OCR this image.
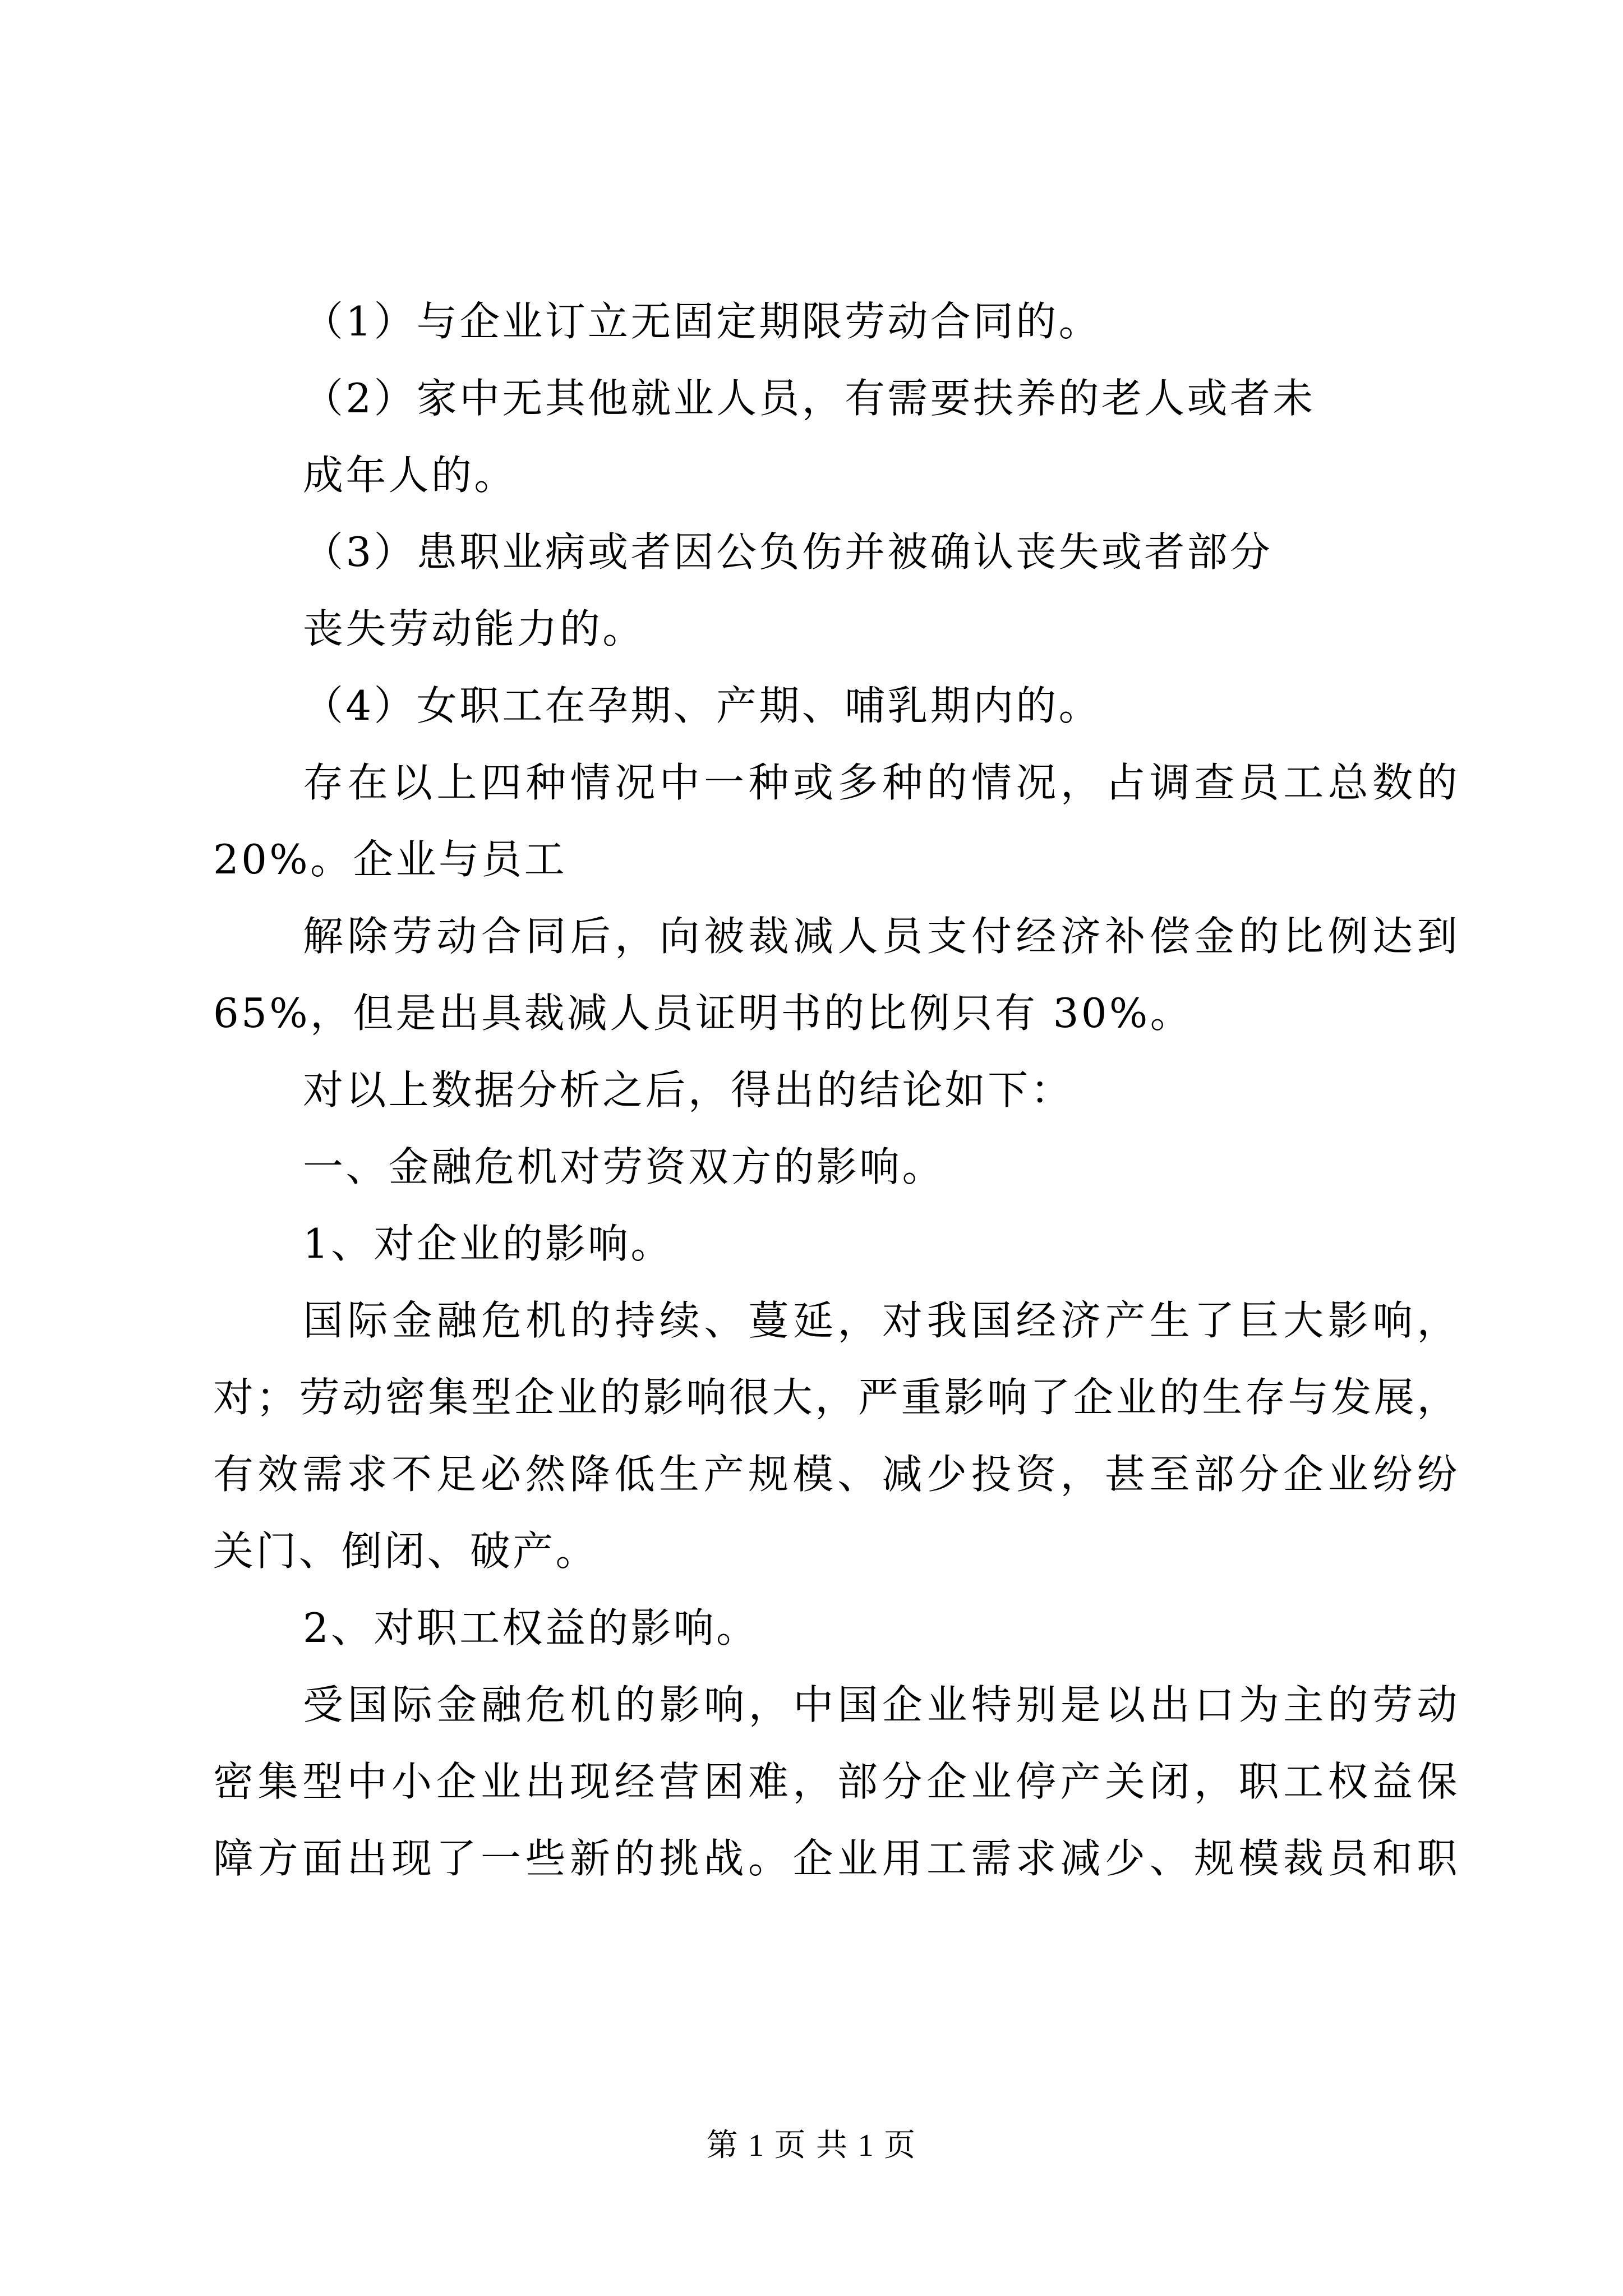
（1）与企业订立无固定期限劳动合同的。
（2）家中无其他就业人员，有需要扶养的老人或者未
成年人的。
（3）患职业病或者因公负伤并被确认丧失或者部分
丧失劳动能力的。
（4）女职工在孕期、产期、哺乳期内的。
存在以上四种情况中一种或多种的情况，占调查员工总数的
20%。企业与员工
解除劳动合同后，向被裁减人员支付经济补偿金的比例达到
65%，但是出具裁减人员证明书的比例只有 30%。
对以上数据分析之后，得出的结论如下：
一、金融危机对劳资双方的影响。
1、对企业的影响。
国际金融危机的持续、蔓延，对我国经济产生了巨大影响，
对；劳动密集型企业的影响很大，严重影响了企业的生存与发展，
有效需求不足必然降低生产规模、减少投资，甚至部分企业纷纷
关门、倒闭、破产。
2、对职工权益的影响。
受国际金融危机的影响，中国企业特别是以出口为主的劳动
密集型中小企业出现经营困难，部分企业停产关闭，职工权益保
障方面出现了一些新的挑战。企业用工需求减少、规模裁员和职
第 1 页 共 1 页
